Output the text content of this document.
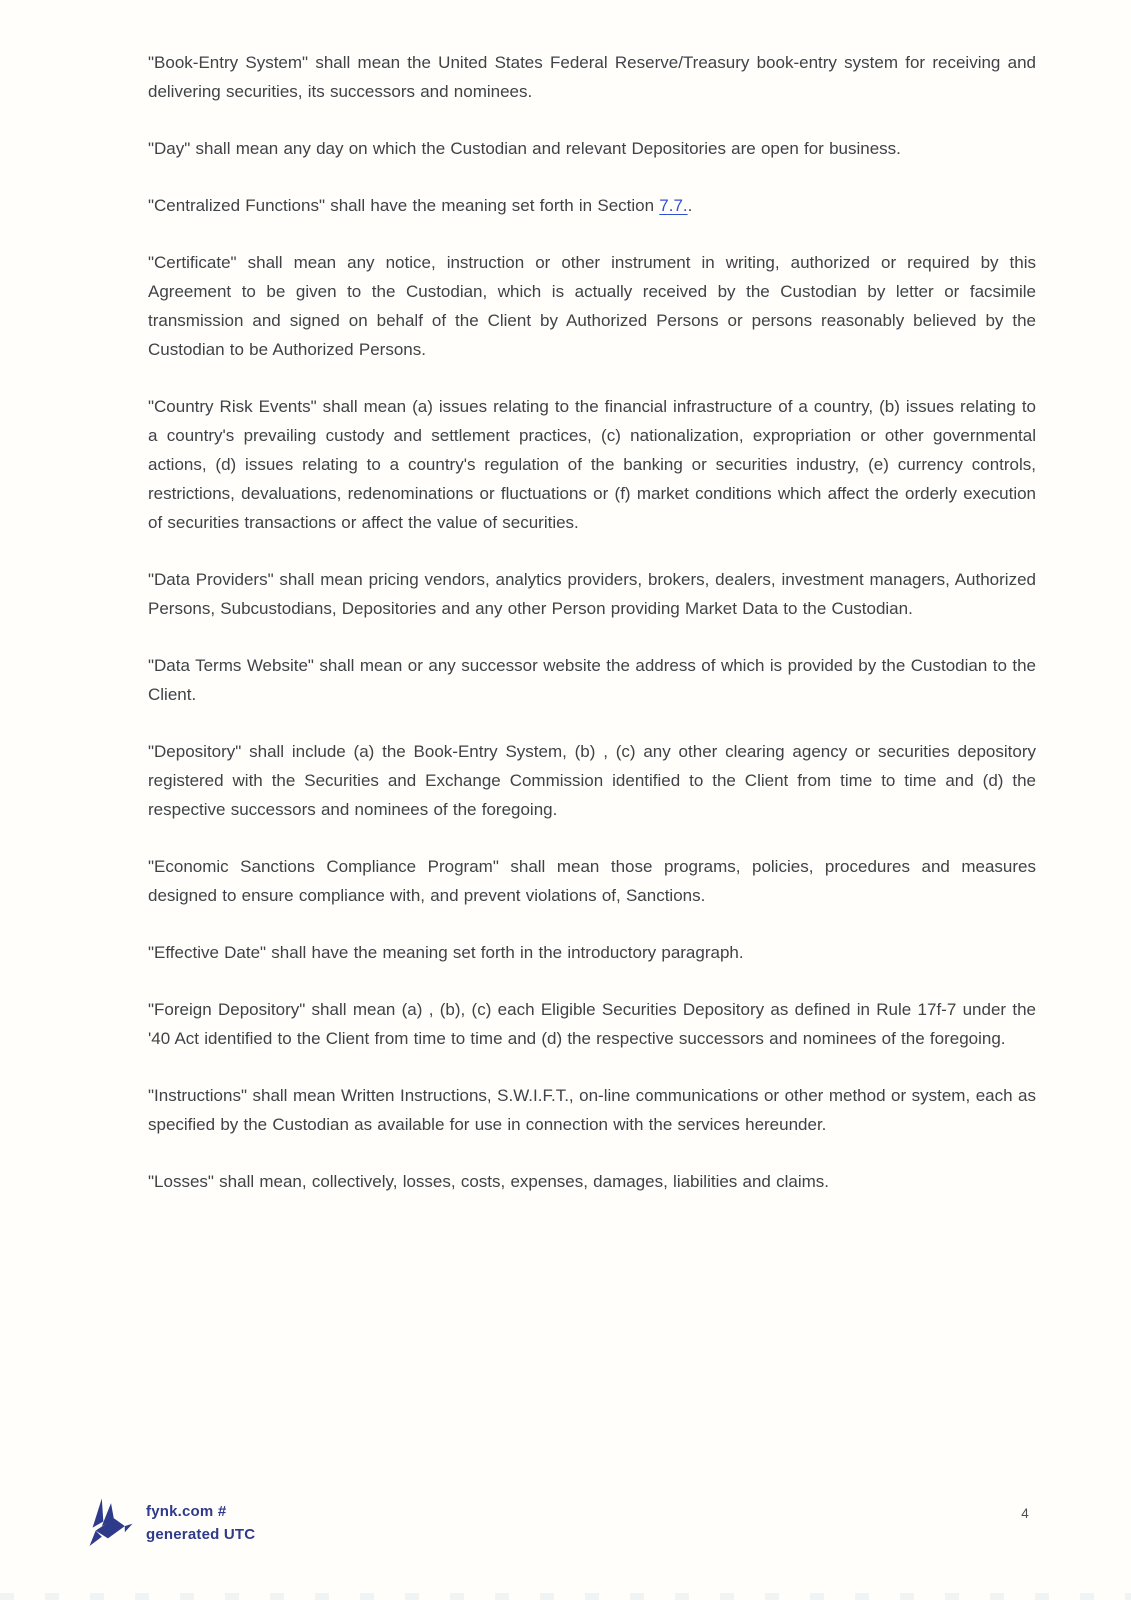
"Book-Entry System" shall mean the United States Federal Reserve/Treasury book-entry system for receiving and delivering securities, its successors and nominees.

"Day" shall mean any day on which the Custodian and relevant Depositories are open for business.

"Centralized Functions" shall have the meaning set forth in Section 7.7..

"Certificate" shall mean any notice, instruction or other instrument in writing, authorized or required by this Agreement to be given to the Custodian, which is actually received by the Custodian by letter or facsimile transmission and signed on behalf of the Client by Authorized Persons or persons reasonably believed by the Custodian to be Authorized Persons.

"Country Risk Events" shall mean (a) issues relating to the financial infrastructure of a country, (b) issues relating to a country's prevailing custody and settlement practices, (c) nationalization, expropriation or other governmental actions, (d) issues relating to a country's regulation of the banking or securities industry, (e) currency controls, restrictions, devaluations, redenominations or fluctuations or (f) market conditions which affect the orderly execution of securities transactions or affect the value of securities.

"Data Providers" shall mean pricing vendors, analytics providers, brokers, dealers, investment managers, Authorized Persons, Subcustodians, Depositories and any other Person providing Market Data to the Custodian.

"Data Terms Website" shall mean or any successor website the address of which is provided by the Custodian to the Client.

"Depository" shall include (a) the Book-Entry System, (b) , (c) any other clearing agency or securities depository registered with the Securities and Exchange Commission identified to the Client from time to time and (d) the respective successors and nominees of the foregoing.

"Economic Sanctions Compliance Program" shall mean those programs, policies, procedures and measures designed to ensure compliance with, and prevent violations of, Sanctions.

"Effective Date" shall have the meaning set forth in the introductory paragraph.

"Foreign Depository" shall mean (a) , (b), (c) each Eligible Securities Depository as defined in Rule 17f-7 under the '40 Act identified to the Client from time to time and (d) the respective successors and nominees of the foregoing.

"Instructions" shall mean Written Instructions, S.W.I.F.T., on-line communications or other method or system, each as specified by the Custodian as available for use in connection with the services hereunder.

"Losses" shall mean, collectively, losses, costs, expenses, damages, liabilities and claims.

fynk.com #
generated UTC
4
